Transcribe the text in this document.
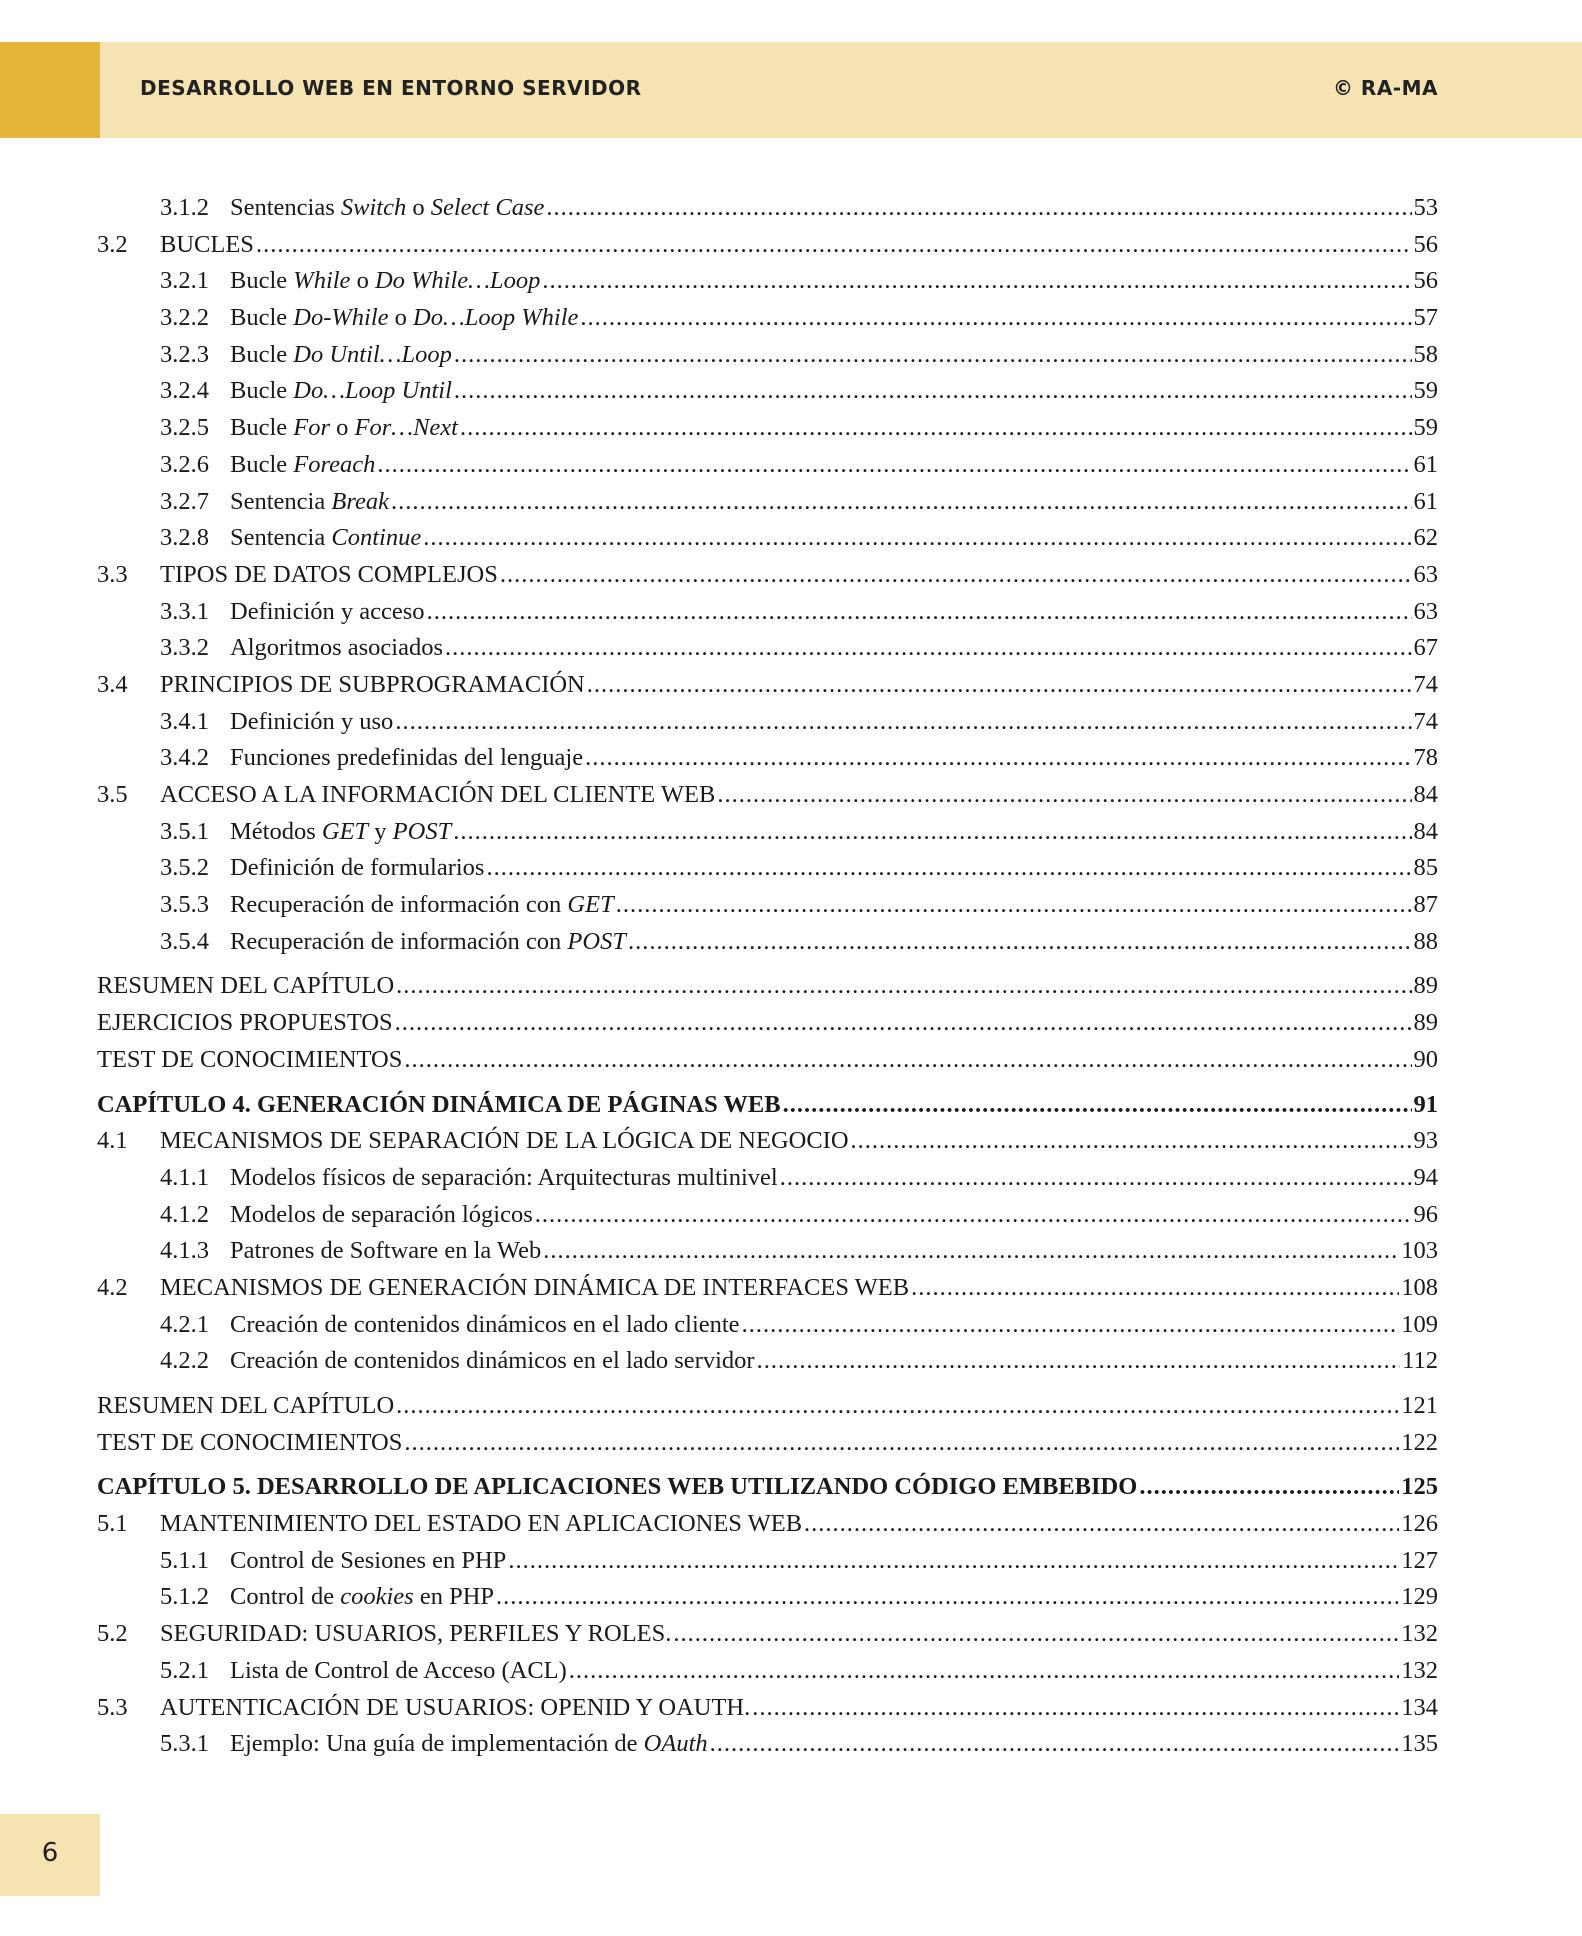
DESARROLLO WEB EN ENTORNO SERVIDOR	© RA-MA
3.1.2 Sentencias Switch o Select Case .....	53
3.2	BUCLES .....	56
3.2.1 Bucle While o Do While…Loop .....	56
3.2.2 Bucle Do-While o Do…Loop While .....	57
3.2.3 Bucle Do Until…Loop .....	58
3.2.4 Bucle Do…Loop Until .....	59
3.2.5 Bucle For o For…Next .....	59
3.2.6 Bucle Foreach .....	61
3.2.7 Sentencia Break .....	61
3.2.8 Sentencia Continue .....	62
3.3	TIPOS DE DATOS COMPLEJOS .....	63
3.3.1 Definición y acceso .....	63
3.3.2 Algoritmos asociados .....	67
3.4	PRINCIPIOS DE SUBPROGRAMACIÓN .....	74
3.4.1 Definición y uso .....	74
3.4.2 Funciones predefinidas del lenguaje .....	78
3.5	ACCESO A LA INFORMACIÓN DEL CLIENTE WEB .....	84
3.5.1 Métodos GET y POST .....	84
3.5.2 Definición de formularios .....	85
3.5.3 Recuperación de información con GET .....	87
3.5.4 Recuperación de información con POST .....	88
RESUMEN DEL CAPÍTULO .....	89
EJERCICIOS PROPUESTOS .....	89
TEST DE CONOCIMIENTOS .....	90
CAPÍTULO 4. GENERACIÓN DINÁMICA DE PÁGINAS WEB .....	91
4.1	MECANISMOS DE SEPARACIÓN DE LA LÓGICA DE NEGOCIO .....	93
4.1.1 Modelos físicos de separación: Arquitecturas multinivel .....	94
4.1.2 Modelos de separación lógicos .....	96
4.1.3 Patrones de Software en la Web .....	103
4.2	MECANISMOS DE GENERACIÓN DINÁMICA DE INTERFACES WEB .....	108
4.2.1 Creación de contenidos dinámicos en el lado cliente .....	109
4.2.2 Creación de contenidos dinámicos en el lado servidor .....	112
RESUMEN DEL CAPÍTULO .....	121
TEST DE CONOCIMIENTOS .....	122
CAPÍTULO 5. DESARROLLO DE APLICACIONES WEB UTILIZANDO CÓDIGO EMBEBIDO .....	125
5.1	MANTENIMIENTO DEL ESTADO EN APLICACIONES WEB .....	126
5.1.1 Control de Sesiones en PHP .....	127
5.1.2 Control de cookies en PHP .....	129
5.2	SEGURIDAD: USUARIOS, PERFILES Y ROLES. .....	132
5.2.1 Lista de Control de Acceso (ACL) .....	132
5.3	AUTENTICACIÓN DE USUARIOS: OPENID Y OAUTH. .....	134
5.3.1 Ejemplo: Una guía de implementación de OAuth .....	135
6
